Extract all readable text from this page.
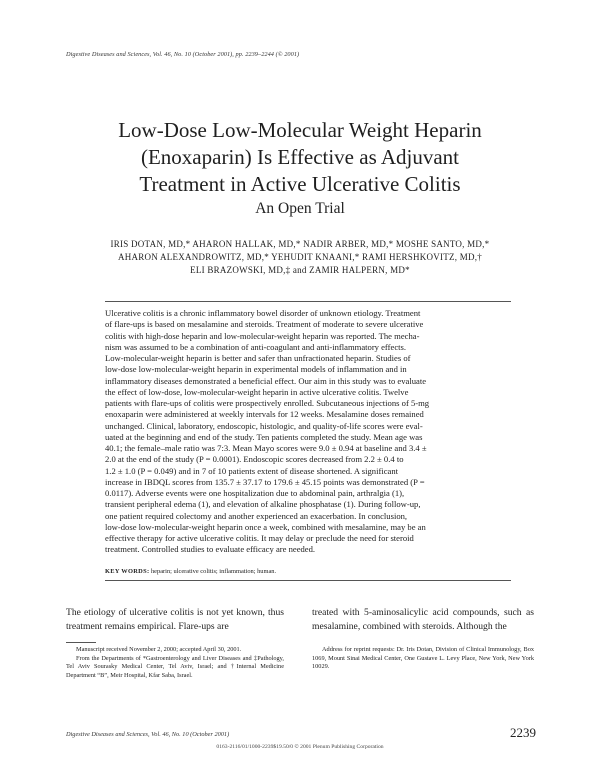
Digestive Diseases and Sciences, Vol. 46, No. 10 (October 2001), pp. 2239–2244 (© 2001)
Low-Dose Low-Molecular Weight Heparin
(Enoxaparin) Is Effective as Adjuvant
Treatment in Active Ulcerative Colitis
An Open Trial
IRIS DOTAN, MD,* AHARON HALLAK, MD,* NADIR ARBER, MD,* MOSHE SANTO, MD,*
AHARON ALEXANDROWITZ, MD,* YEHUDIT KNAANI,* RAMI HERSHKOVITZ, MD,†
ELI BRAZOWSKI, MD,‡ and ZAMIR HALPERN, MD*
Ulcerative colitis is a chronic inflammatory bowel disorder of unknown etiology. Treatment
of flare-ups is based on mesalamine and steroids. Treatment of moderate to severe ulcerative
colitis with high-dose heparin and low-molecular-weight heparin was reported. The mecha-
nism was assumed to be a combination of anti-coagulant and anti-inflammatory effects.
Low-molecular-weight heparin is better and safer than unfractionated heparin. Studies of
low-dose low-molecular-weight heparin in experimental models of inflammation and in
inflammatory diseases demonstrated a beneficial effect. Our aim in this study was to evaluate
the effect of low-dose, low-molecular-weight heparin in active ulcerative colitis. Twelve
patients with flare-ups of colitis were prospectively enrolled. Subcutaneous injections of 5-mg
enoxaparin were administered at weekly intervals for 12 weeks. Mesalamine doses remained
unchanged. Clinical, laboratory, endoscopic, histologic, and quality-of-life scores were eval-
uated at the beginning and end of the study. Ten patients completed the study. Mean age was
40.1; the female–male ratio was 7:3. Mean Mayo scores were 9.0 ± 0.94 at baseline and 3.4 ±
2.0 at the end of the study (P = 0.0001). Endoscopic scores decreased from 2.2 ± 0.4 to
1.2 ± 1.0 (P = 0.049) and in 7 of 10 patients extent of disease shortened. A significant
increase in IBDQL scores from 135.7 ± 37.17 to 179.6 ± 45.15 points was demonstrated (P =
0.0117). Adverse events were one hospitalization due to abdominal pain, arthralgia (1),
transient peripheral edema (1), and elevation of alkaline phosphatase (1). During follow-up,
one patient required colectomy and another experienced an exacerbation. In conclusion,
low-dose low-molecular-weight heparin once a week, combined with mesalamine, may be an
effective therapy for active ulcerative colitis. It may delay or preclude the need for steroid
treatment. Controlled studies to evaluate efficacy are needed.
KEY WORDS: heparin; ulcerative colitis; inflammation; human.
The etiology of ulcerative colitis is not yet known, thus treatment remains empirical. Flare-ups are
treated with 5-aminosalicylic acid compounds, such as mesalamine, combined with steroids. Although the

Manuscript received November 2, 2000; accepted April 30, 2001.

From the Departments of *Gastroenterology and Liver Diseases and ‡Pathology, Tel Aviv Sourasky Medical Center, Tel Aviv, Israel; and †Internal Medicine Department “B”, Meir Hospital, Kfar Saba, Israel.

Address for reprint requests: Dr. Iris Dotan, Division of Clinical Immunology, Box 1069, Mount Sinai Medical Center, One Gustave L. Levy Place, New York, New York 10029.

Digestive Diseases and Sciences, Vol. 46, No. 10 (October 2001)	2239
0163-2116/01/1000-2239$19.50/0 © 2001 Plenum Publishing Corporation
